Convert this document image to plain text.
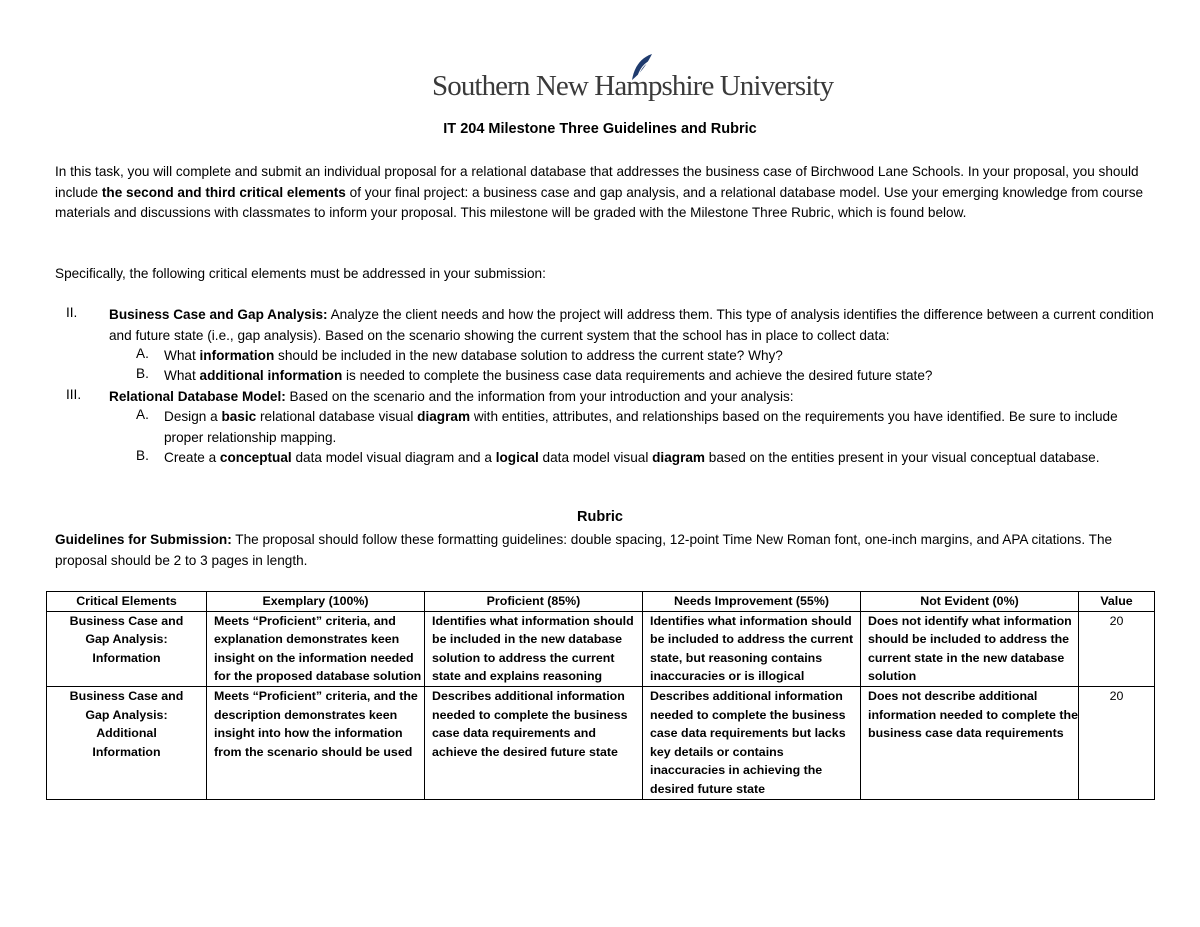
Southern New Hampshire University
IT 204 Milestone Three Guidelines and Rubric
In this task, you will complete and submit an individual proposal for a relational database that addresses the business case of Birchwood Lane Schools. In your proposal, you should include the second and third critical elements of your final project: a business case and gap analysis, and a relational database model. Use your emerging knowledge from course materials and discussions with classmates to inform your proposal. This milestone will be graded with the Milestone Three Rubric, which is found below.
Specifically, the following critical elements must be addressed in your submission:
II. Business Case and Gap Analysis: Analyze the client needs and how the project will address them. This type of analysis identifies the difference between a current condition and future state (i.e., gap analysis). Based on the scenario showing the current system that the school has in place to collect data:
A. What information should be included in the new database solution to address the current state? Why?
B. What additional information is needed to complete the business case data requirements and achieve the desired future state?
III. Relational Database Model: Based on the scenario and the information from your introduction and your analysis:
A. Design a basic relational database visual diagram with entities, attributes, and relationships based on the requirements you have identified. Be sure to include proper relationship mapping.
B. Create a conceptual data model visual diagram and a logical data model visual diagram based on the entities present in your visual conceptual database.
Rubric
Guidelines for Submission: The proposal should follow these formatting guidelines: double spacing, 12-point Time New Roman font, one-inch margins, and APA citations. The proposal should be 2 to 3 pages in length.
Critical Elements	Exemplary (100%)	Proficient (85%)	Needs Improvement (55%)	Not Evident (0%)	Value
Business Case and Gap Analysis: Information	Meets “Proficient” criteria, and explanation demonstrates keen insight on the information needed for the proposed database solution	Identifies what information should be included in the new database solution to address the current state and explains reasoning	Identifies what information should be included to address the current state, but reasoning contains inaccuracies or is illogical	Does not identify what information should be included to address the current state in the new database solution	20
Business Case and Gap Analysis: Additional Information	Meets “Proficient” criteria, and the description demonstrates keen insight into how the information from the scenario should be used	Describes additional information needed to complete the business case data requirements and achieve the desired future state	Describes additional information needed to complete the business case data requirements but lacks key details or contains inaccuracies in achieving the desired future state	Does not describe additional information needed to complete the business case data requirements	20
